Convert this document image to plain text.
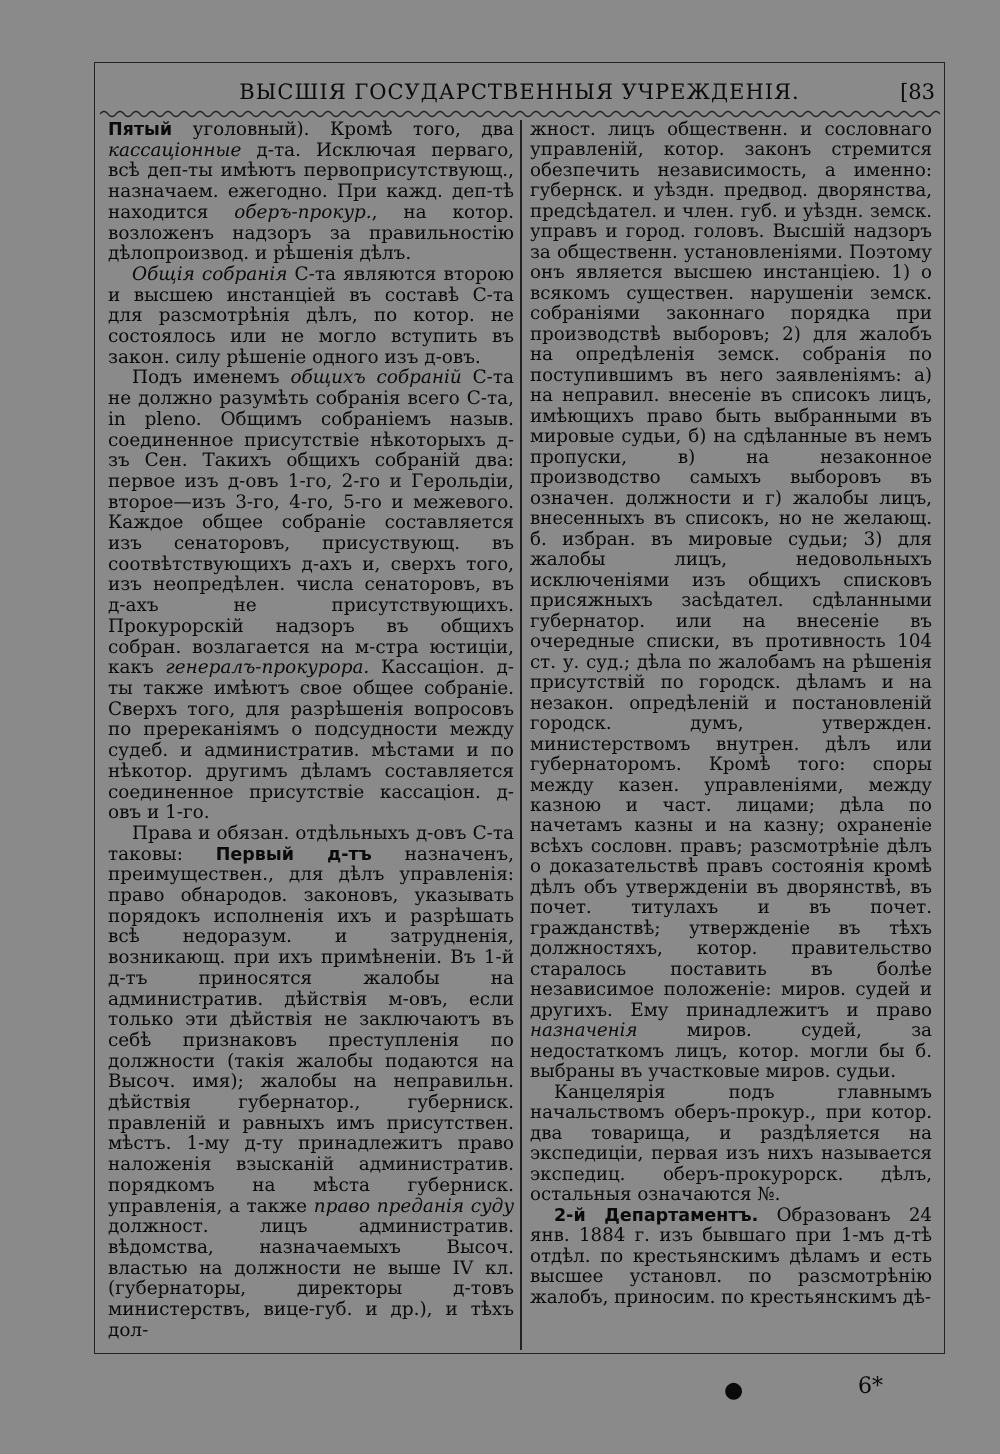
ВЫСШIЯ ГОСУДАРСТВЕННЫЯ УЧРЕЖДЕНIЯ.	[83

Пятый уголовный). Кромѣ того, два кассацiонные д-та. Исключая перваго, всѣ деп-ты имѣютъ первоприсутствующ., назначаем. ежегодно. При кажд. деп-тѣ находится оберъ-прокур., на котор. возложенъ надзоръ за правильностiю дѣлопроизвод. и рѣшенiя дѣлъ.

Общiя собранiя С-та являются второю и высшею инстанцiей въ составѣ С-та для разсмотрѣнiя дѣлъ, по котор. не состоялось или не могло вступить въ закон. силу рѣшенiе одного изъ д-овъ.

Подъ именемъ общихъ собранiй С-та не должно разумѣть собранiя всего С-та, in pleno. Общимъ собранiемъ назыв. соединенное присутствiе нѣкоторыхъ д-зъ Сен. Такихъ общихъ собранiй два: первое изъ д-овъ 1-го, 2-го и Герольдiи, второе—изъ 3-го, 4-го, 5-го и межевого. Каждое общее собранiе составляется изъ сенаторовъ, присуствующ. въ соотвѣтствующихъ д-ахъ и, сверхъ того, изъ неопредѣлен. числа сенаторовъ, въ д-ахъ не присутствующихъ. Прокурорскiй надзоръ въ общихъ собран. возлагается на м-стра юстицiи, какъ генералъ-прокурора. Кассацiон. д-ты также имѣютъ свое общее собранiе. Сверхъ того, для разрѣшенiя вопросовъ по пререканiямъ о подсудности между судеб. и административ. мѣстами и по нѣкотор. другимъ дѣламъ составляется соединенное присутствiе кассацiон. д-овъ и 1-го.

Права и обязан. отдѣльныхъ д-овъ С-та таковы: Первый д-тъ назначенъ, преимуществен., для дѣлъ управленiя: право обнародов. законовъ, указывать порядокъ исполненiя ихъ и разрѣшать всѣ недоразум. и затрудненiя, возникающ. при ихъ примѣненiи. Въ 1-й д-тъ приносятся жалобы на административ. дѣйствiя м-овъ, если только эти дѣйствiя не заключаютъ въ себѣ признаковъ преступленiя по должности (такiя жалобы подаются на Высоч. имя); жалобы на неправильн. дѣйствiя губернатор., губерниск. правленiй и равныхъ имъ присутствен. мѣстъ. 1-му д-ту принадлежитъ право наложенiя взысканiй административ. порядкомъ на мѣста губерниск. управленiя, а также право преданiя суду должност. лицъ административ. вѣдомства, назначаемыхъ Высоч. властью на должности не выше IV кл. (губернаторы, директоры д-товъ министерствъ, вице-губ. и др.), и тѣхъ дол-

жност. лицъ общественн. и сословнаго управленiй, котор. законъ стремится обезпечить независимость, а именно: губернск. и уѣздн. предвод. дворянства, предсѣдател. и член. губ. и уѣздн. земск. управъ и город. головъ. Высшiй надзоръ за общественн. установленiями. Поэтому онъ является высшею инстанцiею. 1) о всякомъ существен. нарушенiи земск. собранiями законнаго порядка при производствѣ выборовъ; 2) для жалобъ на опредѣленiя земск. собранiя по поступившимъ въ него заявленiямъ: а) на неправил. внесенiе въ списокъ лицъ, имѣющихъ право быть выбранными въ мировые судьи, б) на сдѣланные въ немъ пропуски, в) на незаконное производство самыхъ выборовъ въ означен. должности и г) жалобы лицъ, внесенныхъ въ списокъ, но не желающ. б. избран. въ мировые судьи; 3) для жалобы лицъ, недовольныхъ исключенiями изъ общихъ списковъ присяжныхъ засѣдател. сдѣланными губернатор. или на внесенiе въ очередные списки, въ противность 104 ст. у. суд.; дѣла по жалобамъ на рѣшенiя присутствiй по городск. дѣламъ и на незакон. опредѣленiй и постановленiй городск. думъ, утвержден. министерствомъ внутрен. дѣлъ или губернаторомъ. Кромѣ того: споры между казен. управленiями, между казною и част. лицами; дѣла по начетамъ казны и на казну; охраненiе всѣхъ сословн. правъ; разсмотрѣнiе дѣлъ о доказательствѣ правъ состоянiя кромѣ дѣлъ объ утвержденiи въ дворянствѣ, въ почет. титулахъ и въ почет. гражданствѣ; утвержденiе въ тѣхъ должностяхъ, котор. правительство старалось поставить въ болѣе независимое положенiе: миров. судей и другихъ. Ему принадлежитъ и право назначенiя миров. судей, за недостаткомъ лицъ, котор. могли бы б. выбраны въ участковые миров. судьи.

Канцелярiя подъ главнымъ начальствомъ оберъ-прокур., при котор. два товарища, и раздѣляется на экспедицiи, первая изъ нихъ называется экспедиц. оберъ-прокурорск. дѣлъ, остальныя означаются №.

2-й Департаментъ. Образованъ 24 янв. 1884 г. изъ бывшаго при 1-мъ д-тѣ отдѣл. по крестьянскимъ дѣламъ и есть высшее установл. по разсмотрѣнiю жалобъ, приносим. по крестьянскимъ дѣ-

●	6*
